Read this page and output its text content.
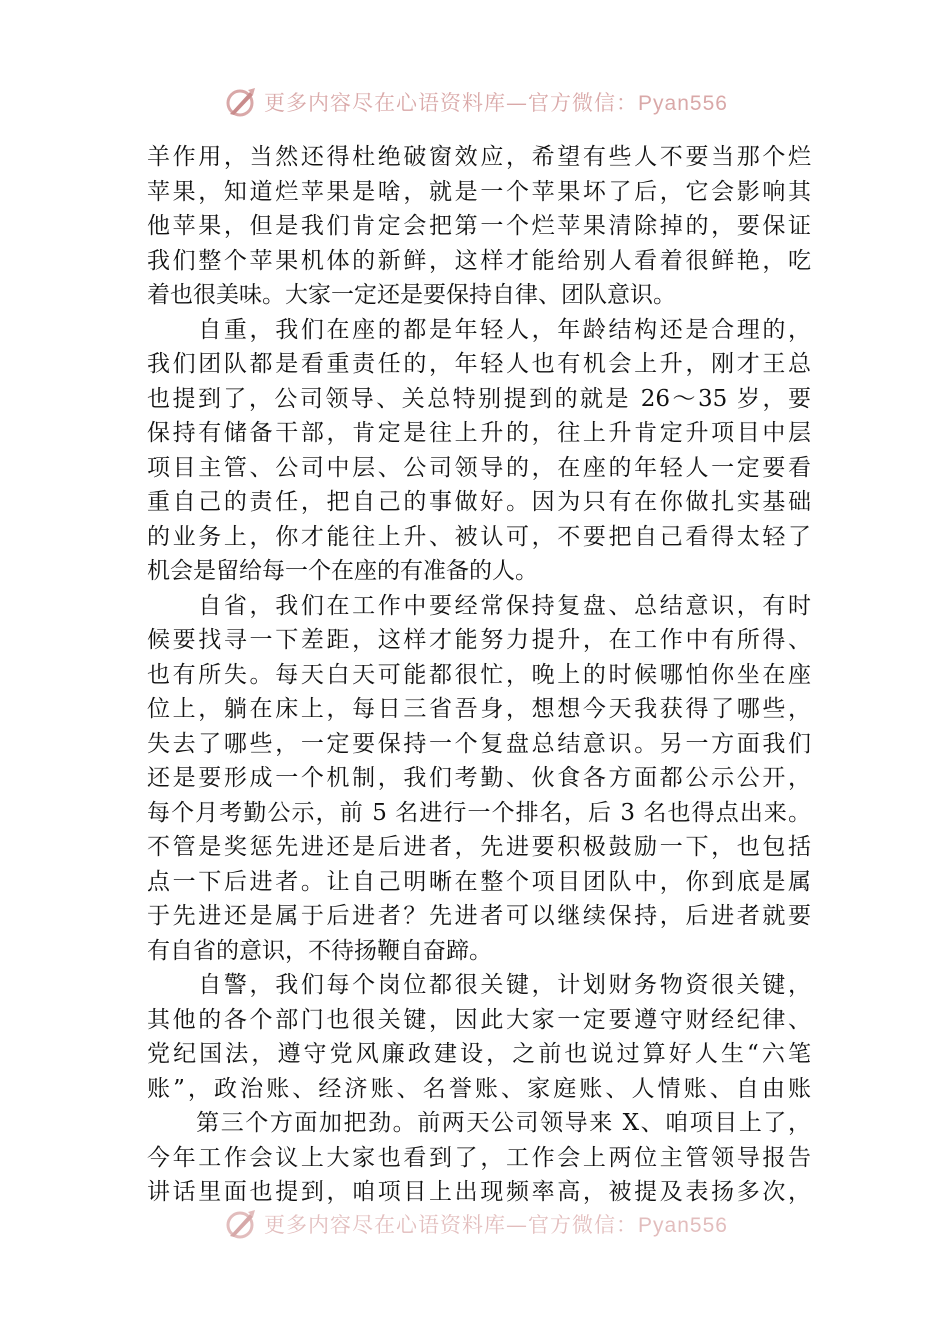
更多内容尽在心语资料库—官方微信：Pyan556
羊作用，当然还得杜绝破窗效应，希望有些人不要当那个烂
苹果，知道烂苹果是啥，就是一个苹果坏了后，它会影响其
他苹果，但是我们肯定会把第一个烂苹果清除掉的，要保证
我们整个苹果机体的新鲜，这样才能给别人看着很鲜艳，吃
着也很美味。大家一定还是要保持自律、团队意识。
　　自重，我们在座的都是年轻人，年龄结构还是合理的，
我们团队都是看重责任的，年轻人也有机会上升，刚才王总
也提到了，公司领导、关总特别提到的就是 26～35 岁，要
保持有储备干部，肯定是往上升的，往上升肯定升项目中层
项目主管、公司中层、公司领导的，在座的年轻人一定要看
重自己的责任，把自己的事做好。因为只有在你做扎实基础
的业务上，你才能往上升、被认可，不要把自己看得太轻了
机会是留给每一个在座的有准备的人。
　　自省，我们在工作中要经常保持复盘、总结意识，有时
候要找寻一下差距，这样才能努力提升，在工作中有所得、
也有所失。每天白天可能都很忙，晚上的时候哪怕你坐在座
位上，躺在床上，每日三省吾身，想想今天我获得了哪些，
失去了哪些，一定要保持一个复盘总结意识。另一方面我们
还是要形成一个机制，我们考勤、伙食各方面都公示公开，
每个月考勤公示，前 5 名进行一个排名，后 3 名也得点出来。
不管是奖惩先进还是后进者，先进要积极鼓励一下，也包括
点一下后进者。让自己明晰在整个项目团队中，你到底是属
于先进还是属于后进者？先进者可以继续保持，后进者就要
有自省的意识，不待扬鞭自奋蹄。
　　自警，我们每个岗位都很关键，计划财务物资很关键，
其他的各个部门也很关键，因此大家一定要遵守财经纪律、
党纪国法，遵守党风廉政建设，之前也说过算好人生“六笔
账”，政治账、经济账、名誉账、家庭账、人情账、自由账
　　第三个方面加把劲。前两天公司领导来 X、咱项目上了，
今年工作会议上大家也看到了，工作会上两位主管领导报告
讲话里面也提到，咱项目上出现频率高，被提及表扬多次，
更多内容尽在心语资料库—官方微信：Pyan556
